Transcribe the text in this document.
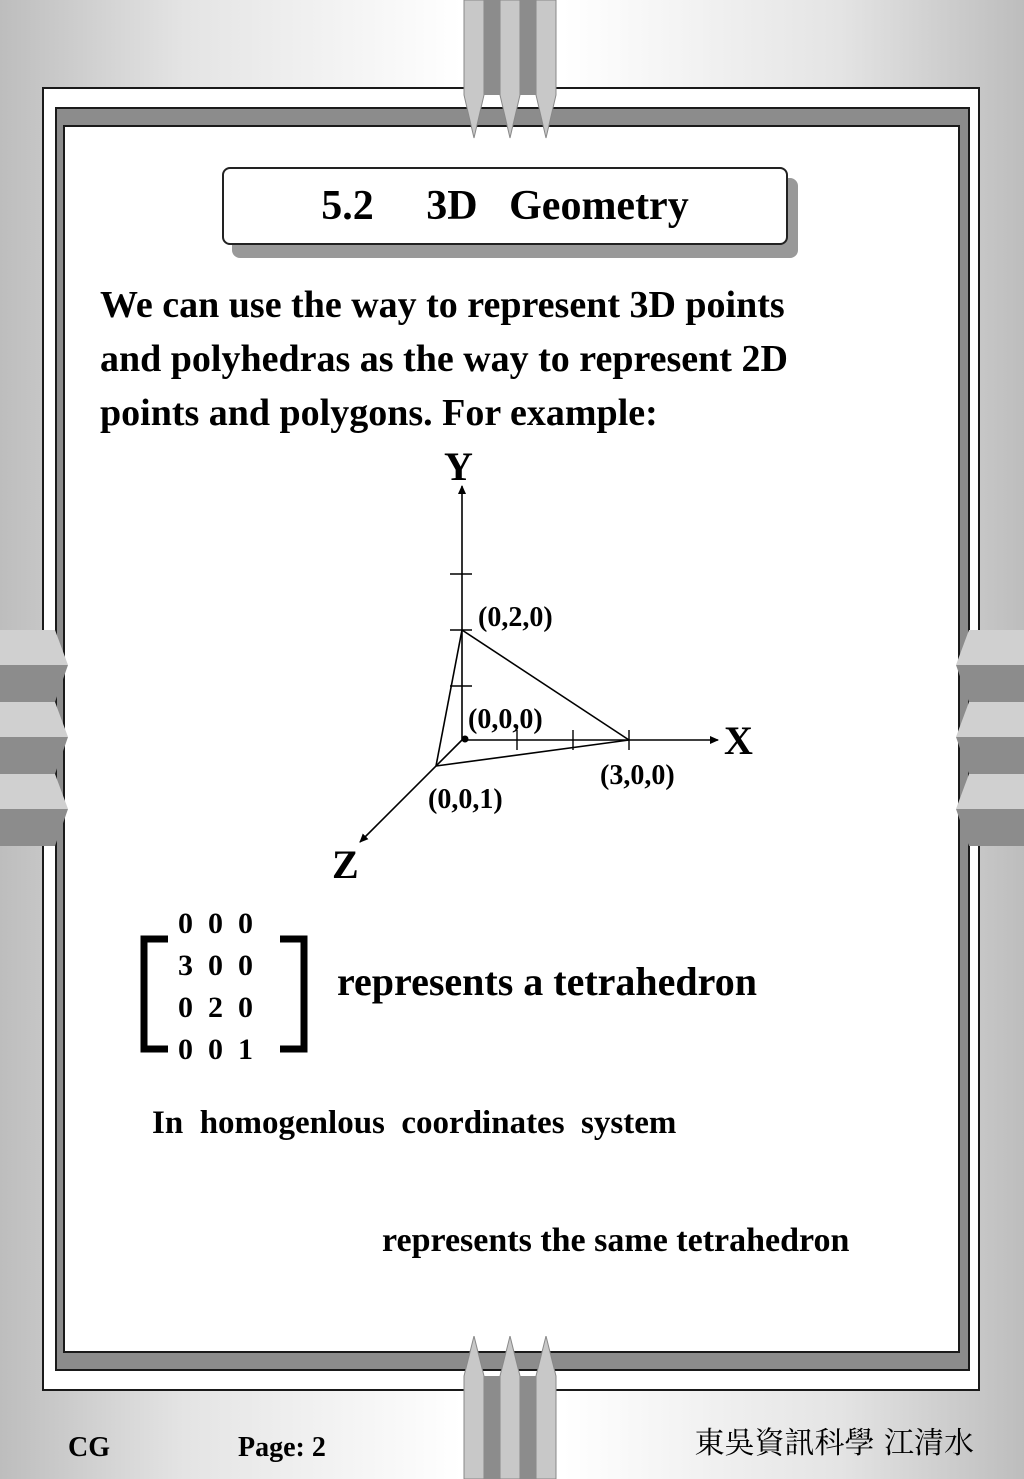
5.2     3D   Geometry
We can use the way to represent 3D points
and polyhedras as the way to represent 2D
points and polygons. For example:
Y
X
Z
(0,2,0)
(0,0,0)
(3,0,0)
(0,0,1)
0  0  0
3  0  0
0  2  0
0  0  1
represents a tetrahedron
In  homogenlous  coordinates  system
represents the same tetrahedron
CG	Page: 2	東吳資訊科學 江清水
